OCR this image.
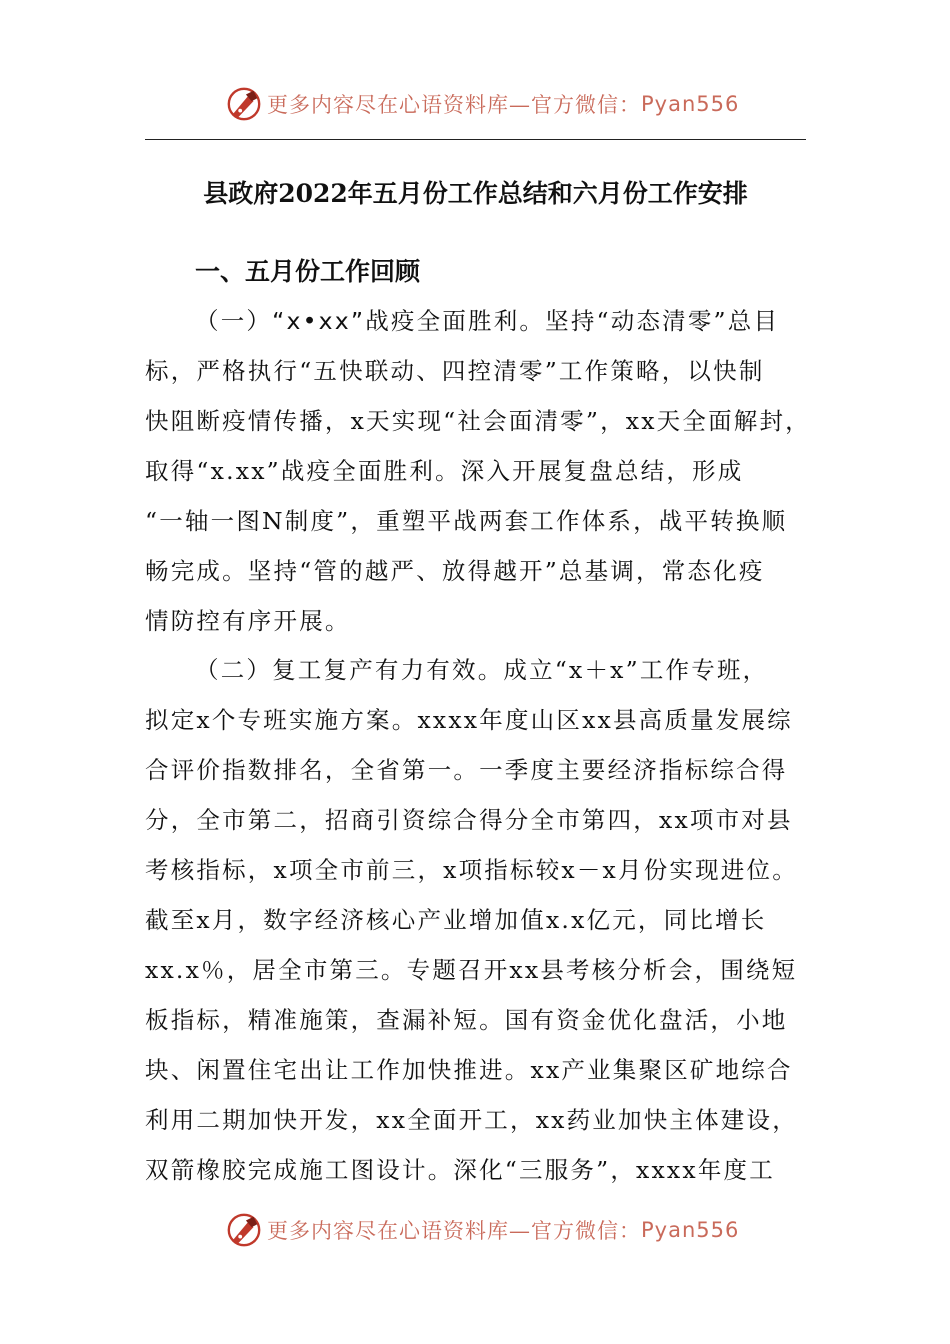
更多内容尽在心语资料库—官方微信： Pyan556
县政府2022年五月份工作总结和六月份工作安排
一、五月份工作回顾
（一）“x•xx”战疫全面胜利。坚持“动态清零”总目
标，严格执行“五快联动、四控清零”工作策略，以快制
快阻断疫情传播，x天实现“社会面清零”，xx天全面解封，
取得“x.xx”战疫全面胜利。深入开展复盘总结，形成
“一轴一图N制度”，重塑平战两套工作体系，战平转换顺
畅完成。坚持“管的越严、放得越开”总基调，常态化疫
情防控有序开展。
（二）复工复产有力有效。成立“x＋x”工作专班，
拟定x个专班实施方案。xxxx年度山区xx县高质量发展综
合评价指数排名，全省第一。一季度主要经济指标综合得
分，全市第二，招商引资综合得分全市第四，xx项市对县
考核指标，x项全市前三，x项指标较x－x月份实现进位。
截至x月，数字经济核心产业增加值x.x亿元，同比增长
xx.x％，居全市第三。专题召开xx县考核分析会，围绕短
板指标，精准施策，查漏补短。国有资金优化盘活，小地
块、闲置住宅出让工作加快推进。xx产业集聚区矿地综合
利用二期加快开发，xx全面开工，xx药业加快主体建设，
双箭橡胶完成施工图设计。深化“三服务”，xxxx年度工
更多内容尽在心语资料库—官方微信： Pyan556
